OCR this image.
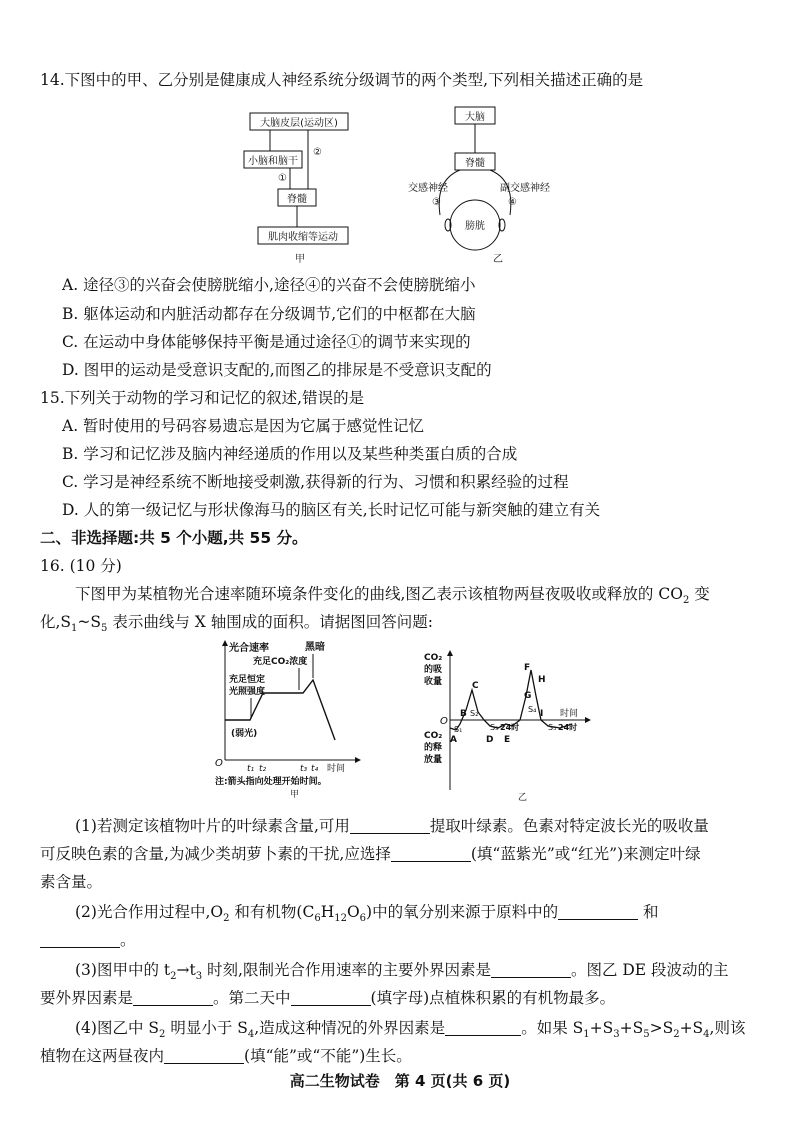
14.下图中的甲、乙分别是健康成人神经系统分级调节的两个类型,下列相关描述正确的是
大脑皮层(运动区)
小脑和脑干
脊髓
肌肉收缩等运动
②
①
甲
大脑
脊髓
交感神经	副交感神经
③	④
膀胱
乙
A. 途径③的兴奋会使膀胱缩小,途径④的兴奋不会使膀胱缩小
B. 躯体运动和内脏活动都存在分级调节,它们的中枢都在大脑
C. 在运动中身体能够保持平衡是通过途径①的调节来实现的
D. 图甲的运动是受意识支配的,而图乙的排尿是不受意识支配的
15.下列关于动物的学习和记忆的叙述,错误的是
A. 暂时使用的号码容易遗忘是因为它属于感觉性记忆
B. 学习和记忆涉及脑内神经递质的作用以及某些种类蛋白质的合成
C. 学习是神经系统不断地接受刺激,获得新的行为、习惯和积累经验的过程
D. 人的第一级记忆与形状像海马的脑区有关,长时记忆可能与新突触的建立有关
二、非选择题:共 5 个小题,共 55 分。
16. (10 分)
下图甲为某植物光合速率随环境条件变化的曲线,图乙表示该植物两昼夜吸收或释放的 $CO_2$ 变
化$,S_1\sim S_5$ 表示曲线与 X 轴围成的面积。请据图回答问题:
光合速率	黑暗
充足CO₂浓度
充足恒定
光照强度
(弱光)
O	t₁ t₂	t₃ t₄ 时间
注:箭头指向处理开始时间。
甲
CO₂
的吸
收量
CO₂
的释
放量
O
A
B
C
D E
F
G
H
I
S₁
S₂
S₃
S₄
S₅
24时	24时
时间
乙
(1)若测定该植物叶片的叶绿素含量,可用	提取叶绿素。色素对特定波长光的吸收量
可反映色素的含量,为减少类胡萝卜素的干扰,应选择	(填“蓝紫光”或“红光”)来测定叶绿
素含量。
(2)光合作用过程中$,O_2$ 和有机物$(C_6H_{12}O_6)$中的氧分别来源于原料中的	和
。
(3)图甲中的 $t_2\to t_3$ 时刻,限制光合作用速率的主要外界因素是	。图乙 DE 段波动的主
要外界因素是	。第二天中	(填字母)点植株积累的有机物最多。
(4)图乙中 $S_2$ 明显小于 $S_4$,造成这种情况的外界因素是	。如果 $S_1+S_3+S_5>S_2+S_4$,则该
植物在这两昼夜内	(填“能”或“不能”)生长。
高二生物试卷　第 4 页(共 6 页)
